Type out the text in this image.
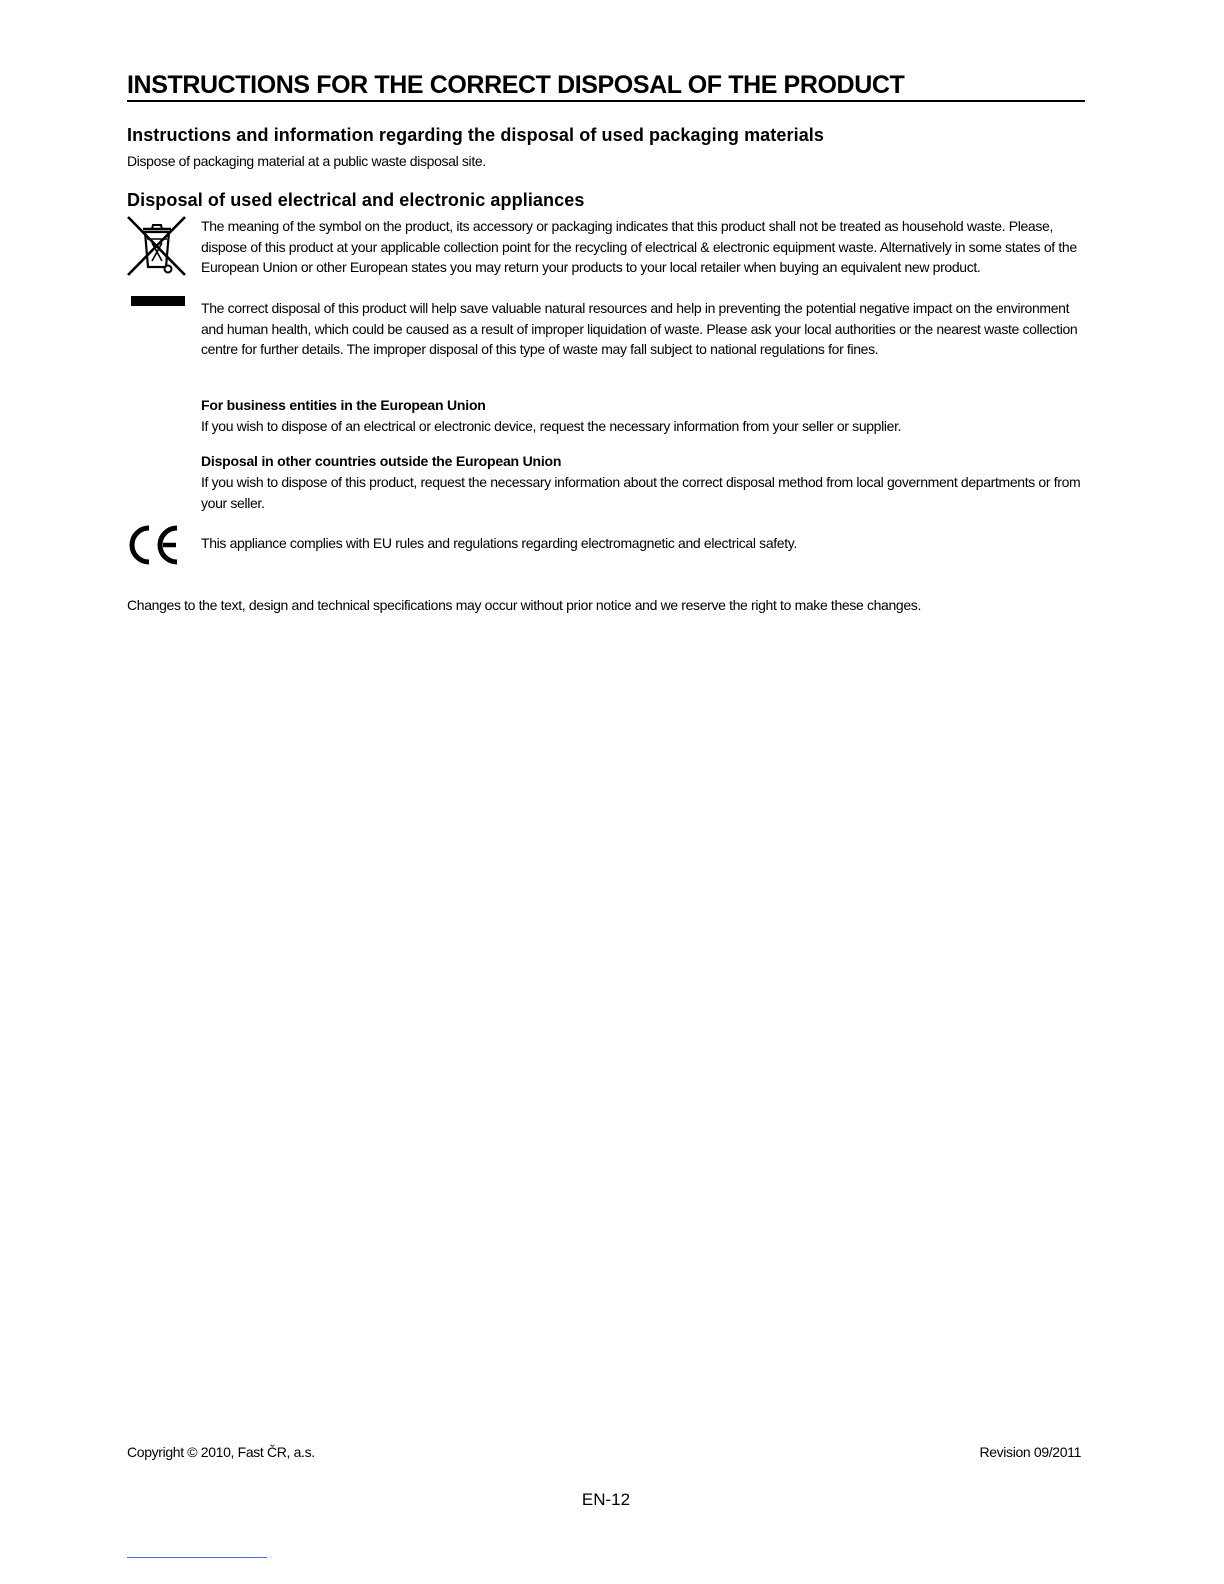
INSTRUCTIONS FOR THE CORRECT DISPOSAL OF THE PRODUCT
Instructions and information regarding the disposal of used packaging materials

Dispose of packaging material at a public waste disposal site.

Disposal of used electrical and electronic appliances

The meaning of the symbol on the product, its accessory or packaging indicates that this product shall not be treated as household waste. Please, dispose of this product at your applicable collection point for the recycling of electrical & electronic equipment waste. Alternatively in some states of the European Union or other European states you may return your products to your local retailer when buying an equivalent new product.

The correct disposal of this product will help save valuable natural resources and help in preventing the potential negative impact on the environment and human health, which could be caused as a result of improper liquidation of waste. Please ask your local authorities or the nearest waste collection centre for further details. The improper disposal of this type of waste may fall subject to national regulations for fines.

For business entities in the European Union

If you wish to dispose of an electrical or electronic device, request the necessary information from your seller or supplier.

Disposal in other countries outside the European Union

If you wish to dispose of this product, request the necessary information about the correct disposal method from local government departments or from your seller.

This appliance complies with EU rules and regulations regarding electromagnetic and electrical safety.

Changes to the text, design and technical specifications may occur without prior notice and we reserve the right to make these changes.

Copyright © 2010, Fast ČR, a.s.	Revision 09/2011

EN-12
